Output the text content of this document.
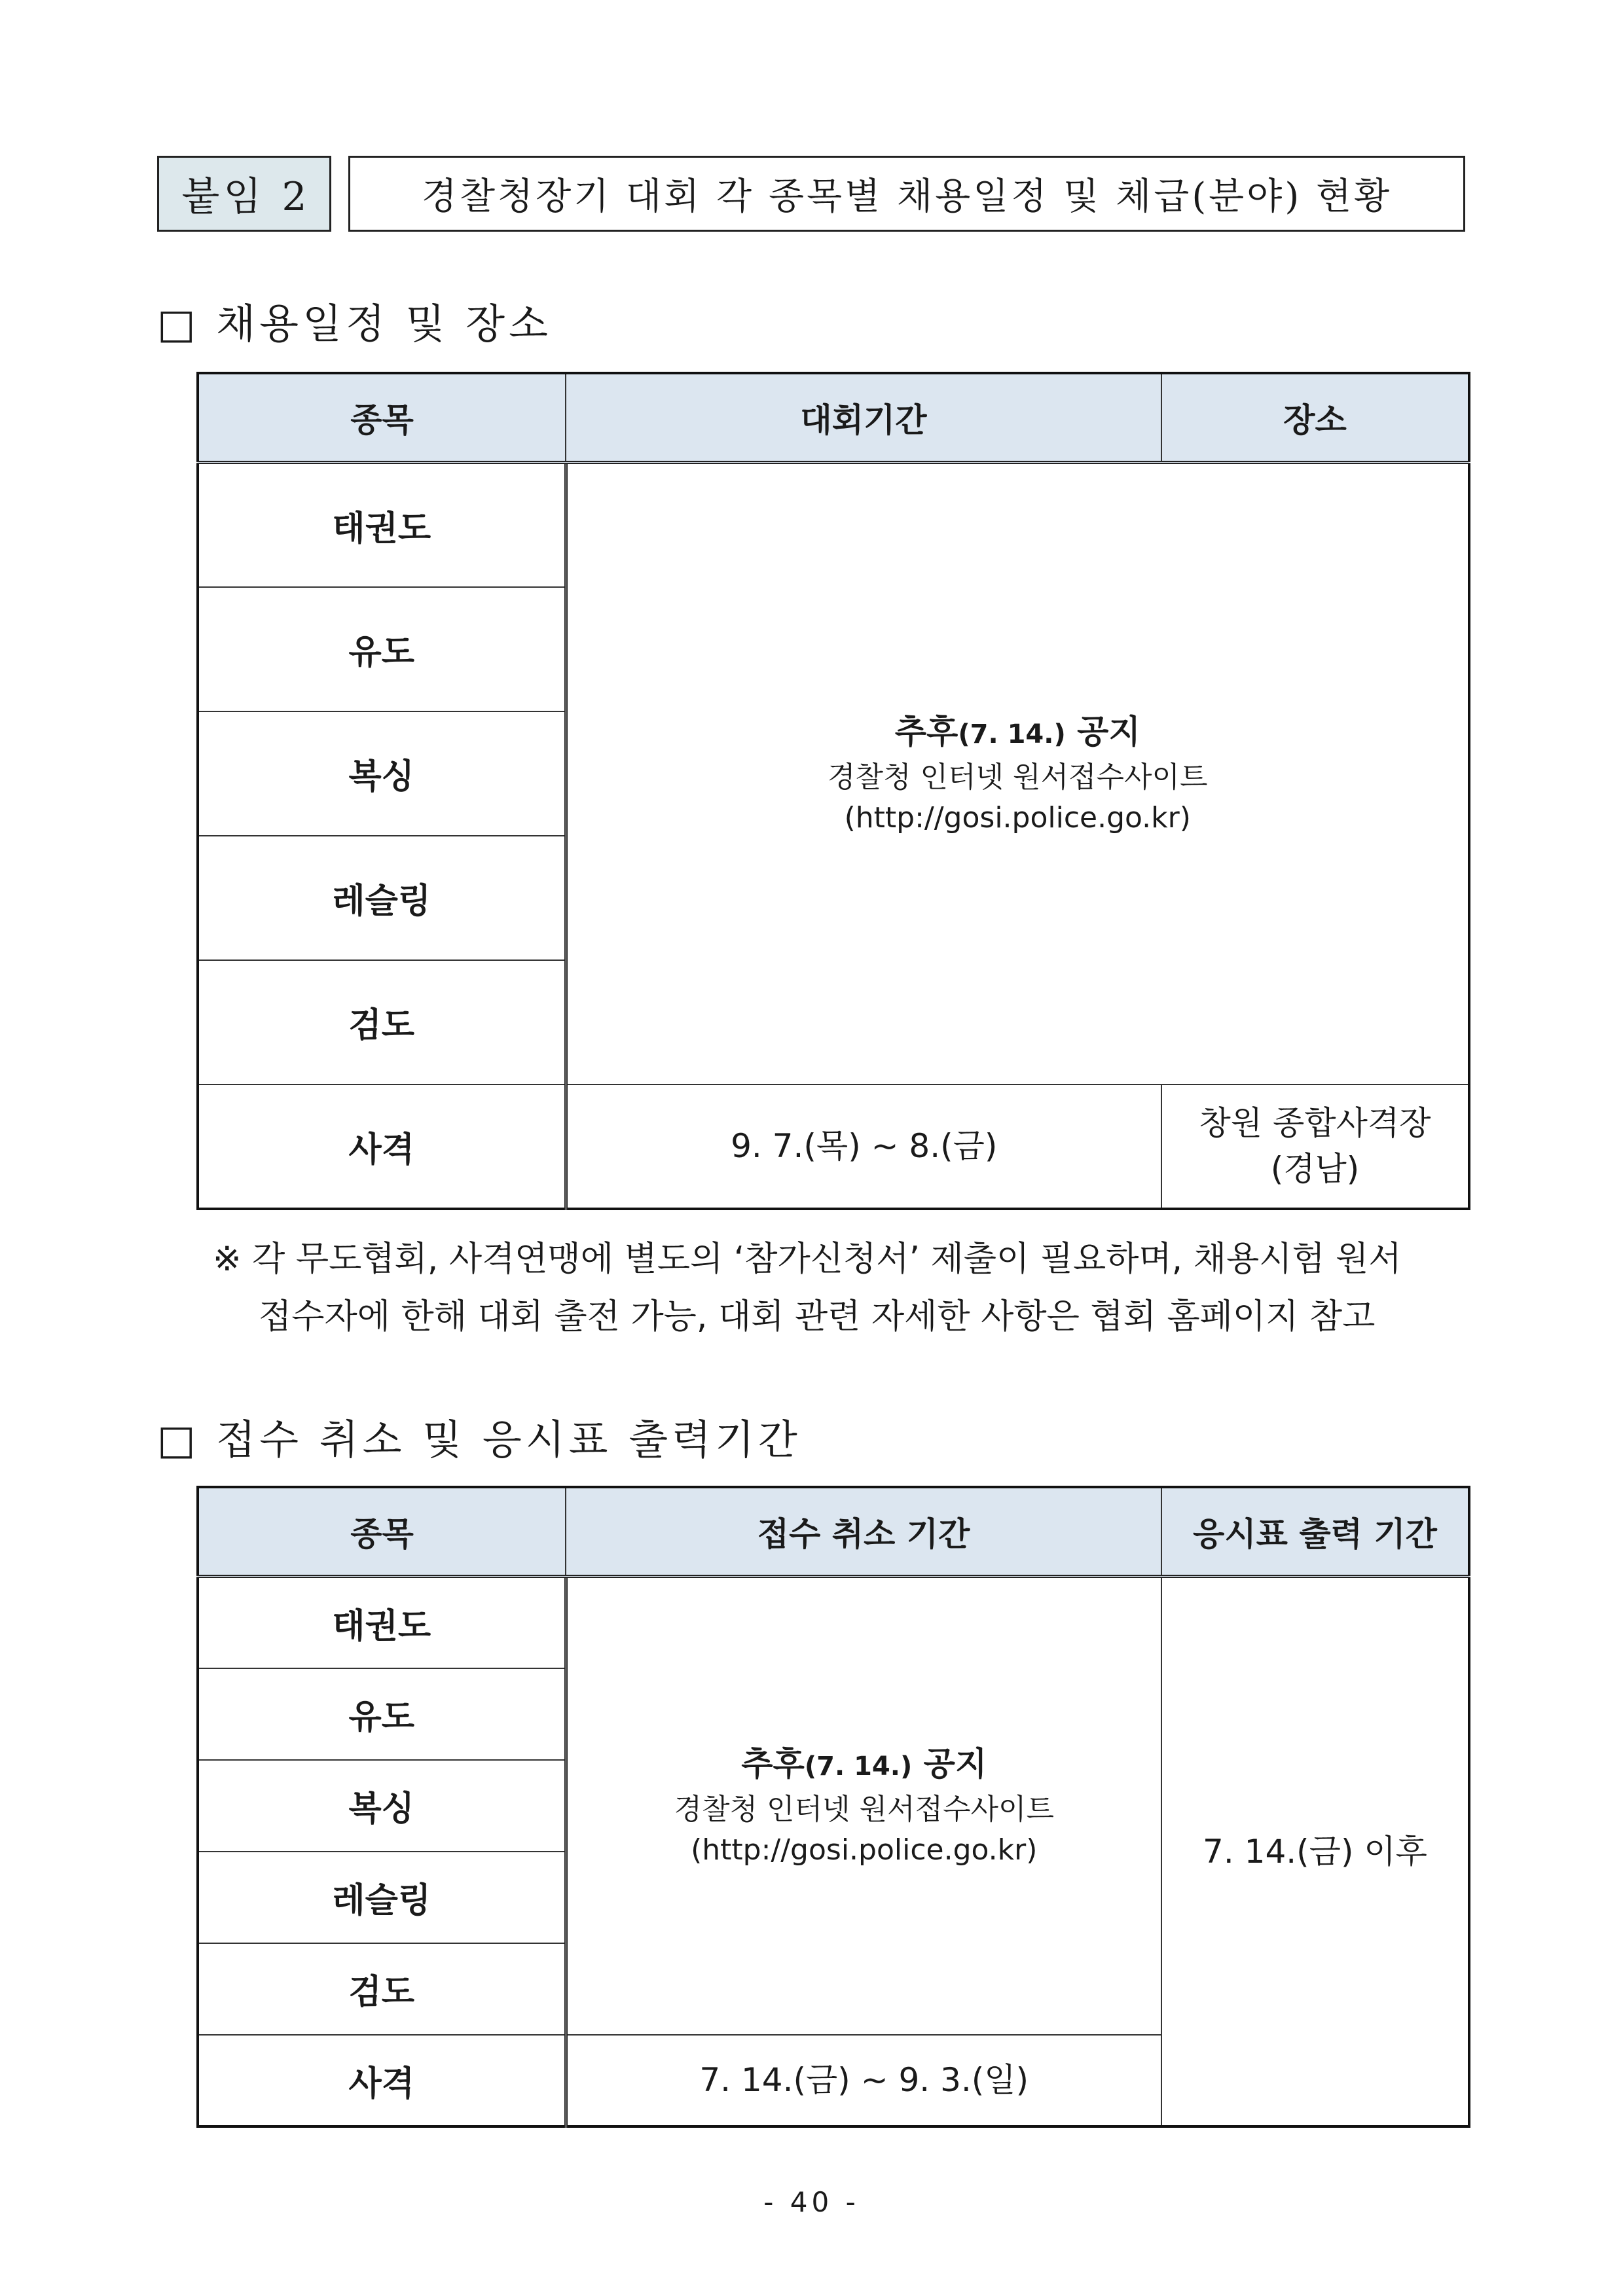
붙임 2	경찰청장기 대회 각 종목별 채용일정 및 체급(분야) 현황
□ 채용일정 및 장소
종목	대회기간	장소
태권도	추후(7. 14.) 공지
경찰청 인터넷 원서접수사이트
(http://gosi.police.go.kr)	

유도		
복싱		
레슬링		
검도		
사격	9. 7.(목) ~ 8.(금)	창원 종합사격장
(경남)
※ 각 무도협회, 사격연맹에 별도의 ‘참가신청서’ 제출이 필요하며, 채용시험 원서
접수자에 한해 대회 출전 가능, 대회 관련 자세한 사항은 협회 홈페이지 참고
□ 접수 취소 및 응시표 출력기간
종목	접수 취소 기간	응시표 출력 기간
태권도	추후(7. 14.) 공지
경찰청 인터넷 원서접수사이트
(http://gosi.police.go.kr)	7. 14.(금) 이후
유도		
복싱		
레슬링		
검도		
사격	7. 14.(금) ~ 9. 3.(일)	
- 40 -
